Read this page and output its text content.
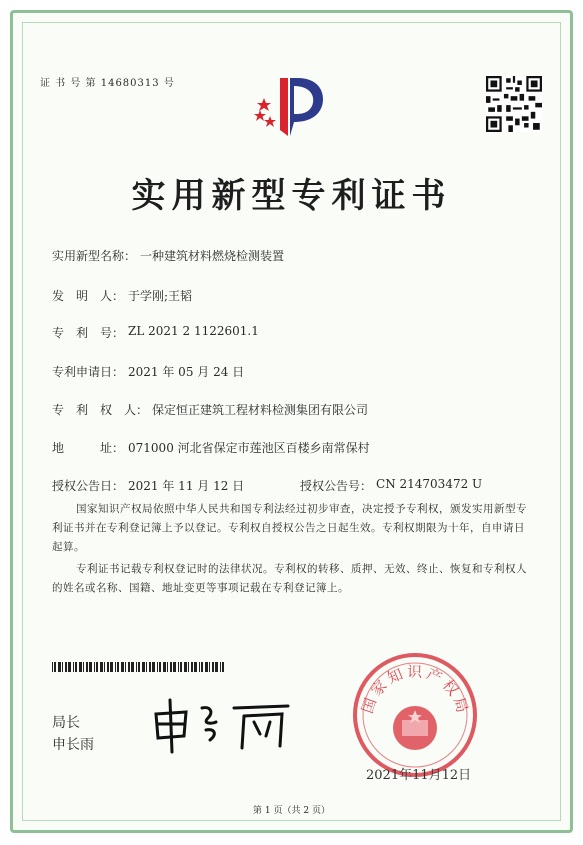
证 书 号 第 14680313 号
实用新型专利证书
实用新型名称： 一种建筑材料燃烧检测装置
发　明　人： 于学刚;王韬
专　利　号： ZL 2021 2 1122601.1
专利申请日： 2021 年 05 月 24 日
专　利　权　人： 保定恒正建筑工程材料检测集团有限公司
地　　　址： 071000 河北省保定市莲池区百楼乡南常保村
授权公告日： 2021 年 11 月 12 日	授权公告号： CN 214703472 U
国家知识产权局依照中华人民共和国专利法经过初步审查，决定授予专利权，颁发实用新型专利证书并在专利登记簿上予以登记。专利权自授权公告之日起生效。专利权期限为十年，自申请日起算。
专利证书记载专利权登记时的法律状况。专利权的转移、质押、无效、终止、恢复和专利权人的姓名或名称、国籍、地址变更等事项记载在专利登记簿上。
局长
申长雨
国家知识产权局
2021年11月12日
第 1 页（共 2 页）
